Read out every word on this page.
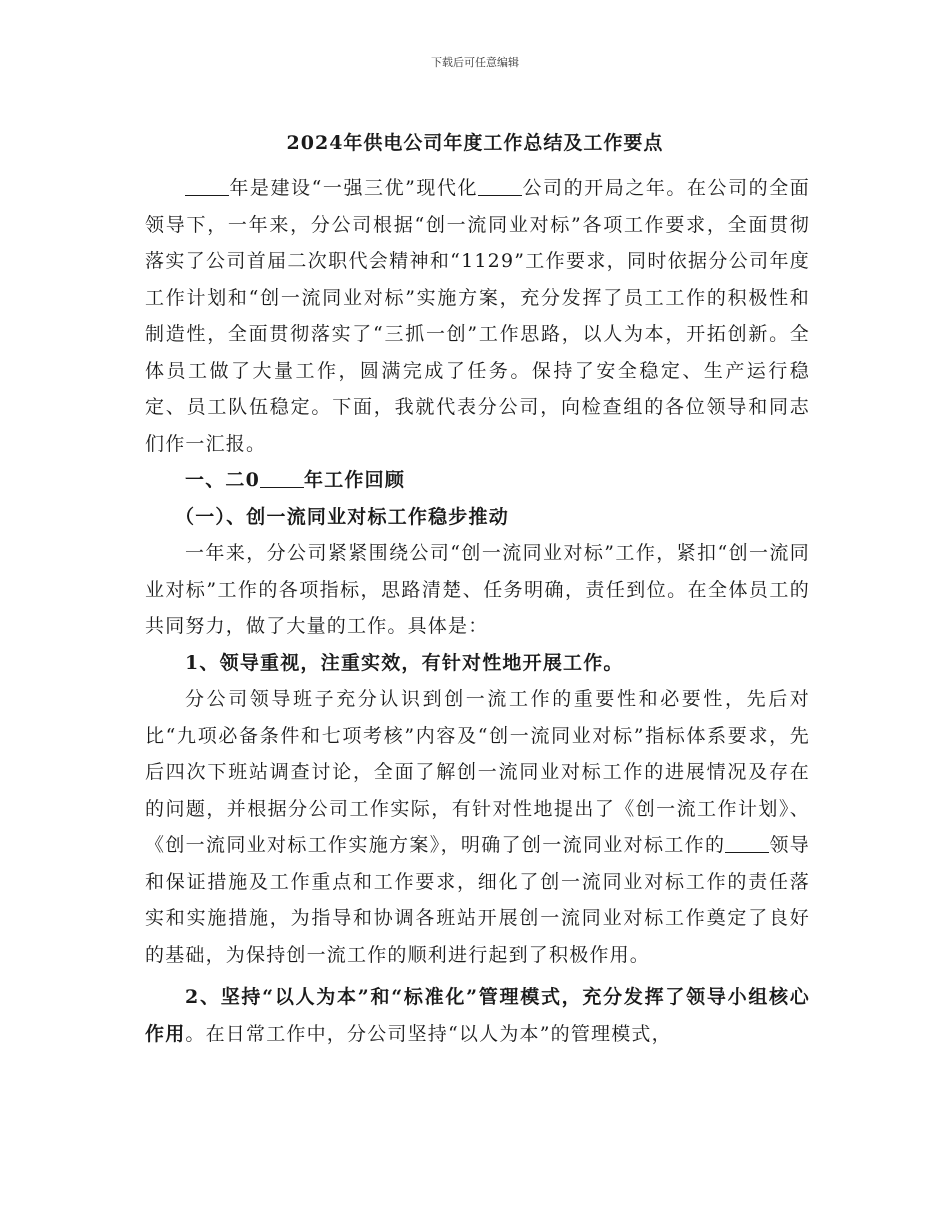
下载后可任意编辑
2024年供电公司年度工作总结及工作要点

年是建设“一强三优”现代化 公司的开局之年。在公司的全面领导下，一年来，分公司根据“创一流同业对标”各项工作要求，全面贯彻落实了公司首届二次职代会精神和“1129”工作要求，同时依据分公司年度工作计划和“创一流同业对标”实施方案，充分发挥了员工工作的积极性和制造性，全面贯彻落实了“三抓一创”工作思路，以人为本，开拓创新。全体员工做了大量工作，圆满完成了任务。保持了安全稳定、生产运行稳定、员工队伍稳定。下面，我就代表分公司，向检查组的各位领导和同志们作一汇报。

一、二0 年工作回顾

（一）、创一流同业对标工作稳步推动

一年来，分公司紧紧围绕公司“创一流同业对标”工作，紧扣“创一流同业对标”工作的各项指标，思路清楚、任务明确，责任到位。在全体员工的共同努力，做了大量的工作。具体是：

1、领导重视，注重实效，有针对性地开展工作。

分公司领导班子充分认识到创一流工作的重要性和必要性，先后对比“九项必备条件和七项考核”内容及“创一流同业对标”指标体系要求，先后四次下班站调查讨论，全面了解创一流同业对标工作的进展情况及存在的问题，并根据分公司工作实际，有针对性地提出了《创一流工作计划》、《创一流同业对标工作实施方案》，明确了创一流同业对标工作的 领导和保证措施及工作重点和工作要求，细化了创一流同业对标工作的责任落实和实施措施，为指导和协调各班站开展创一流同业对标工作奠定了良好的基础，为保持创一流工作的顺利进行起到了积极作用。

2、坚持“以人为本”和“标准化”管理模式，充分发挥了领导小组核心作用。在日常工作中，分公司坚持“以人为本”的管理模式，
